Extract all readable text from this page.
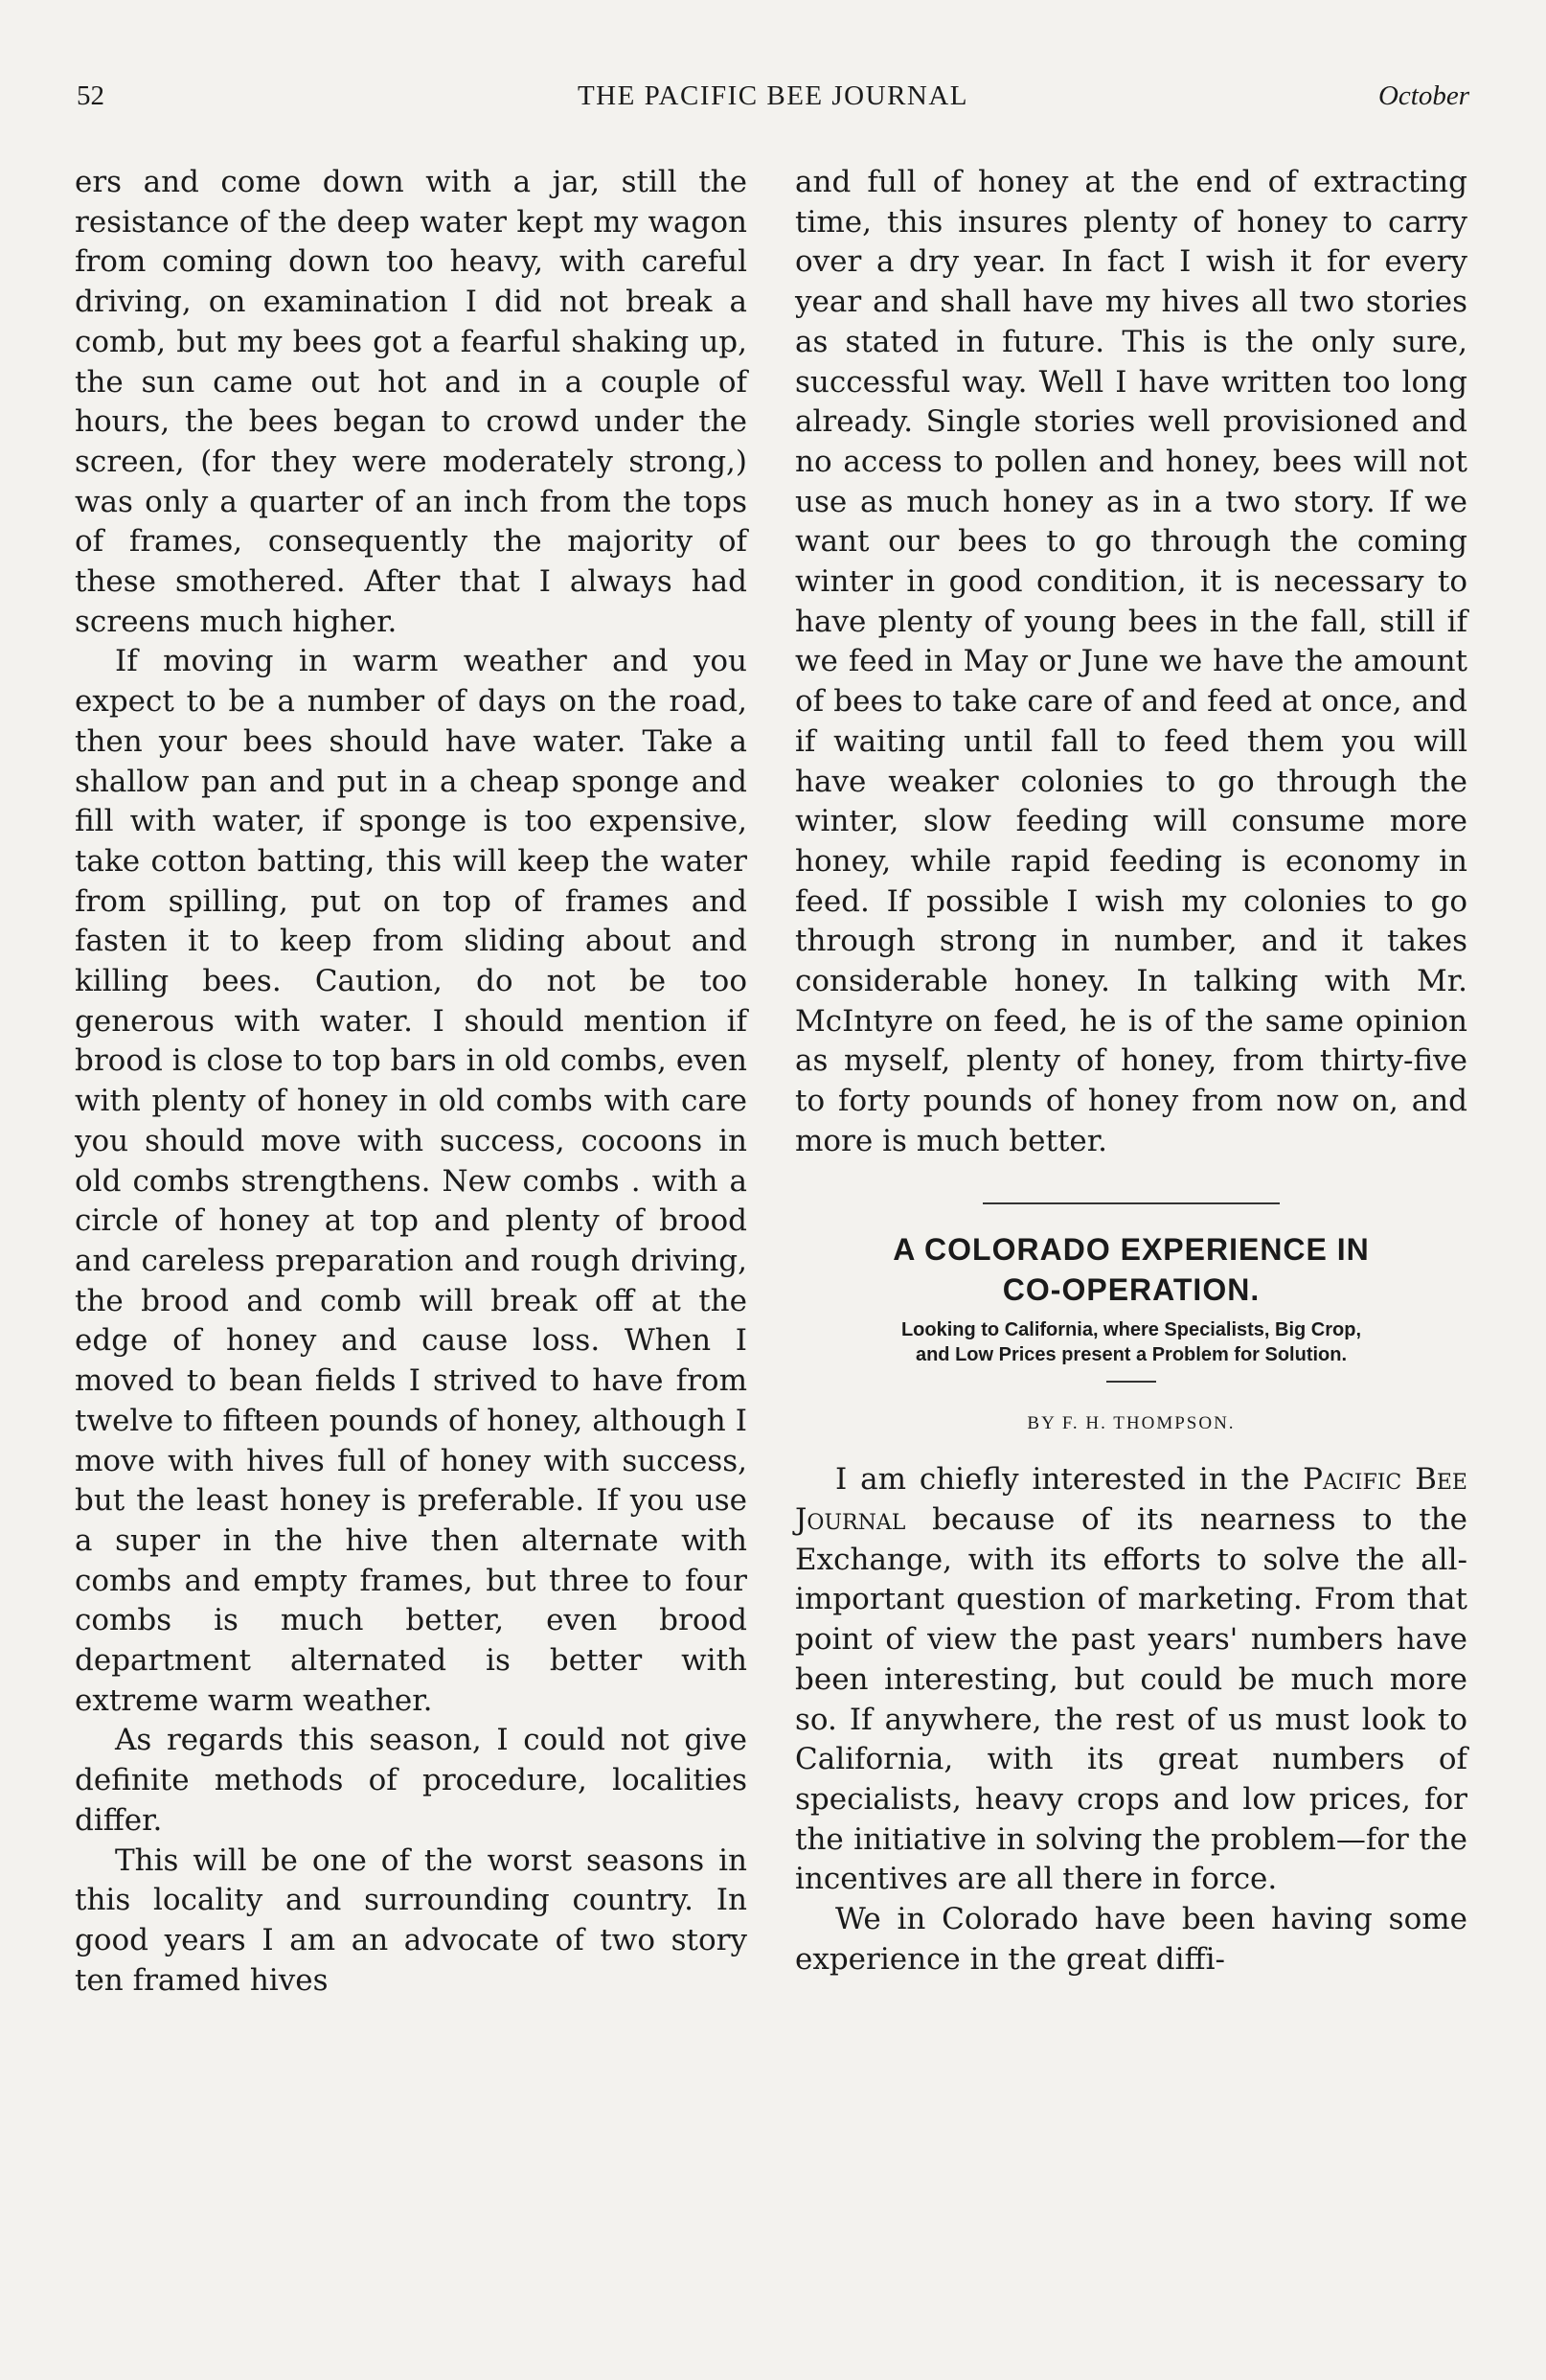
52	THE PACIFIC BEE JOURNAL	October

ers and come down with a jar, still the resistance of the deep water kept my wagon from coming down too heavy, with careful driving, on examination I did not break a comb, but my bees got a fearful shaking up, the sun came out hot and in a couple of hours, the bees began to crowd under the screen, (for they were moderately strong,) was only a quarter of an inch from the tops of frames, consequently the majority of these smothered. After that I always had screens much higher.

If moving in warm weather and you expect to be a number of days on the road, then your bees should have water. Take a shallow pan and put in a cheap sponge and fill with water, if sponge is too expensive, take cotton batting, this will keep the water from spilling, put on top of frames and fasten it to keep from sliding about and killing bees. Caution, do not be too generous with water. I should mention if brood is close to top bars in old combs, even with plenty of honey in old combs with care you should move with success, cocoons in old combs strengthens. New combs . with a circle of honey at top and plenty of brood and careless preparation and rough driving, the brood and comb will break off at the edge of honey and cause loss. When I moved to bean fields I strived to have from twelve to fifteen pounds of honey, although I move with hives full of honey with success, but the least honey is preferable. If you use a super in the hive then alternate with combs and empty frames, but three to four combs is much better, even brood department alternated is better with extreme warm weather.

As regards this season, I could not give definite methods of procedure, localities differ.

This will be one of the worst seasons in this locality and surrounding country. In good years I am an advocate of two story ten framed hives

and full of honey at the end of extracting time, this insures plenty of honey to carry over a dry year. In fact I wish it for every year and shall have my hives all two stories as stated in future. This is the only sure, successful way. Well I have written too long already. Single stories well provisioned and no access to pollen and honey, bees will not use as much honey as in a two story. If we want our bees to go through the coming winter in good condition, it is necessary to have plenty of young bees in the fall, still if we feed in May or June we have the amount of bees to take care of and feed at once, and if waiting until fall to feed them you will have weaker colonies to go through the winter, slow feeding will consume more honey, while rapid feeding is economy in feed. If possible I wish my colonies to go through strong in number, and it takes considerable honey. In talking with Mr. McIntyre on feed, he is of the same opinion as myself, plenty of honey, from thirty-five to forty pounds of honey from now on, and more is much better.

A COLORADO EXPERIENCE IN
CO-OPERATION.
Looking to California, where Specialists, Big Crop,
and Low Prices present a Problem for Solution.
BY F. H. THOMPSON.

I am chiefly interested in the Pacific Bee Journal because of its nearness to the Exchange, with its efforts to solve the all-important question of marketing. From that point of view the past years' numbers have been interesting, but could be much more so. If anywhere, the rest of us must look to California, with its great numbers of specialists, heavy crops and low prices, for the initiative in solving the problem—for the incentives are all there in force.

We in Colorado have been having some experience in the great diffi-
